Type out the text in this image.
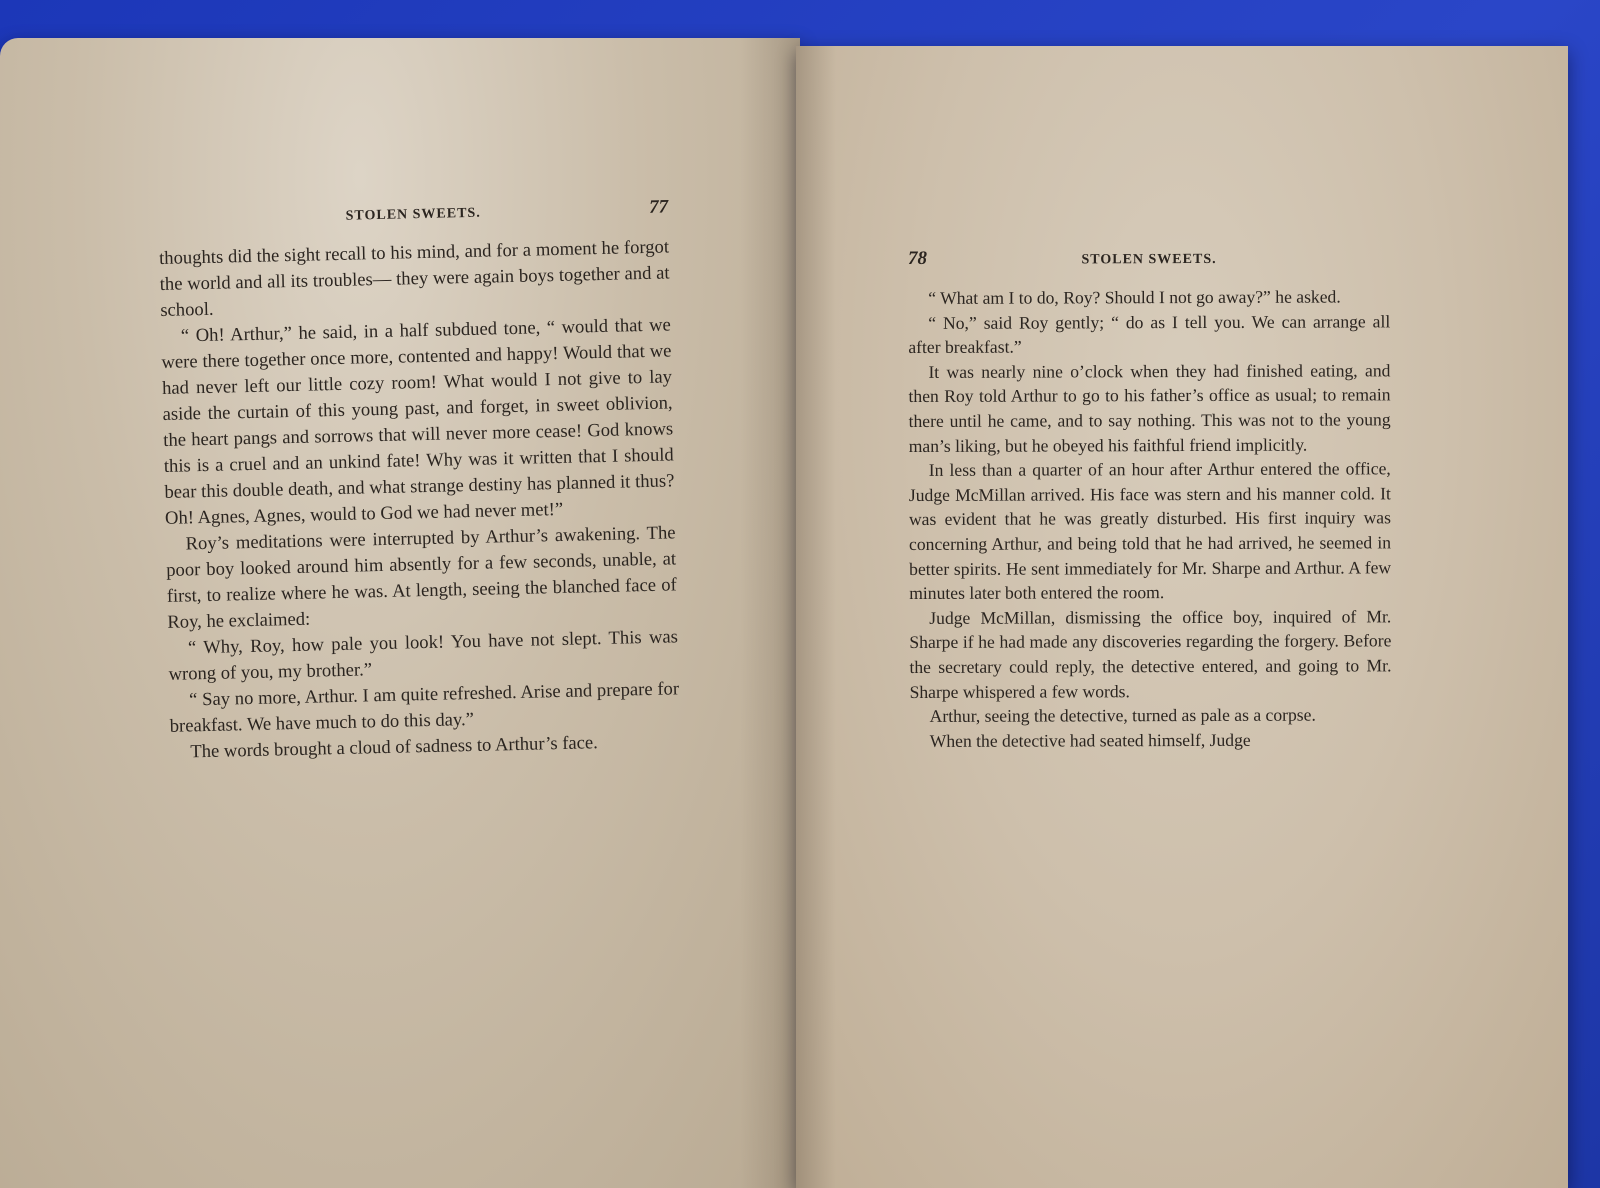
STOLEN SWEETS.	77

thoughts did the sight recall to his mind, and for a moment he forgot the world and all its troubles— they were again boys together and at school.

“ Oh! Arthur,” he said, in a half subdued tone, “ would that we were there together once more, contented and happy! Would that we had never left our little cozy room! What would I not give to lay aside the curtain of this young past, and forget, in sweet oblivion, the heart pangs and sorrows that will never more cease! God knows this is a cruel and an unkind fate! Why was it written that I should bear this double death, and what strange destiny has planned it thus? Oh! Agnes, Agnes, would to God we had never met!”

Roy’s meditations were interrupted by Arthur’s awakening. The poor boy looked around him absently for a few seconds, unable, at first, to realize where he was. At length, seeing the blanched face of Roy, he exclaimed:

“ Why, Roy, how pale you look! You have not slept. This was wrong of you, my brother.”

“ Say no more, Arthur. I am quite refreshed. Arise and prepare for breakfast. We have much to do this day.”

The words brought a cloud of sadness to Arthur’s face.

78	STOLEN SWEETS.

“ What am I to do, Roy? Should I not go away?” he asked.

“ No,” said Roy gently; “ do as I tell you. We can arrange all after breakfast.”

It was nearly nine o’clock when they had finished eating, and then Roy told Arthur to go to his father’s office as usual; to remain there until he came, and to say nothing. This was not to the young man’s liking, but he obeyed his faithful friend implicitly.

In less than a quarter of an hour after Arthur entered the office, Judge McMillan arrived. His face was stern and his manner cold. It was evident that he was greatly disturbed. His first inquiry was concerning Arthur, and being told that he had arrived, he seemed in better spirits. He sent immediately for Mr. Sharpe and Arthur. A few minutes later both entered the room.

Judge McMillan, dismissing the office boy, inquired of Mr. Sharpe if he had made any discoveries regarding the forgery. Before the secretary could reply, the detective entered, and going to Mr. Sharpe whispered a few words.

Arthur, seeing the detective, turned as pale as a corpse.

When the detective had seated himself, Judge
